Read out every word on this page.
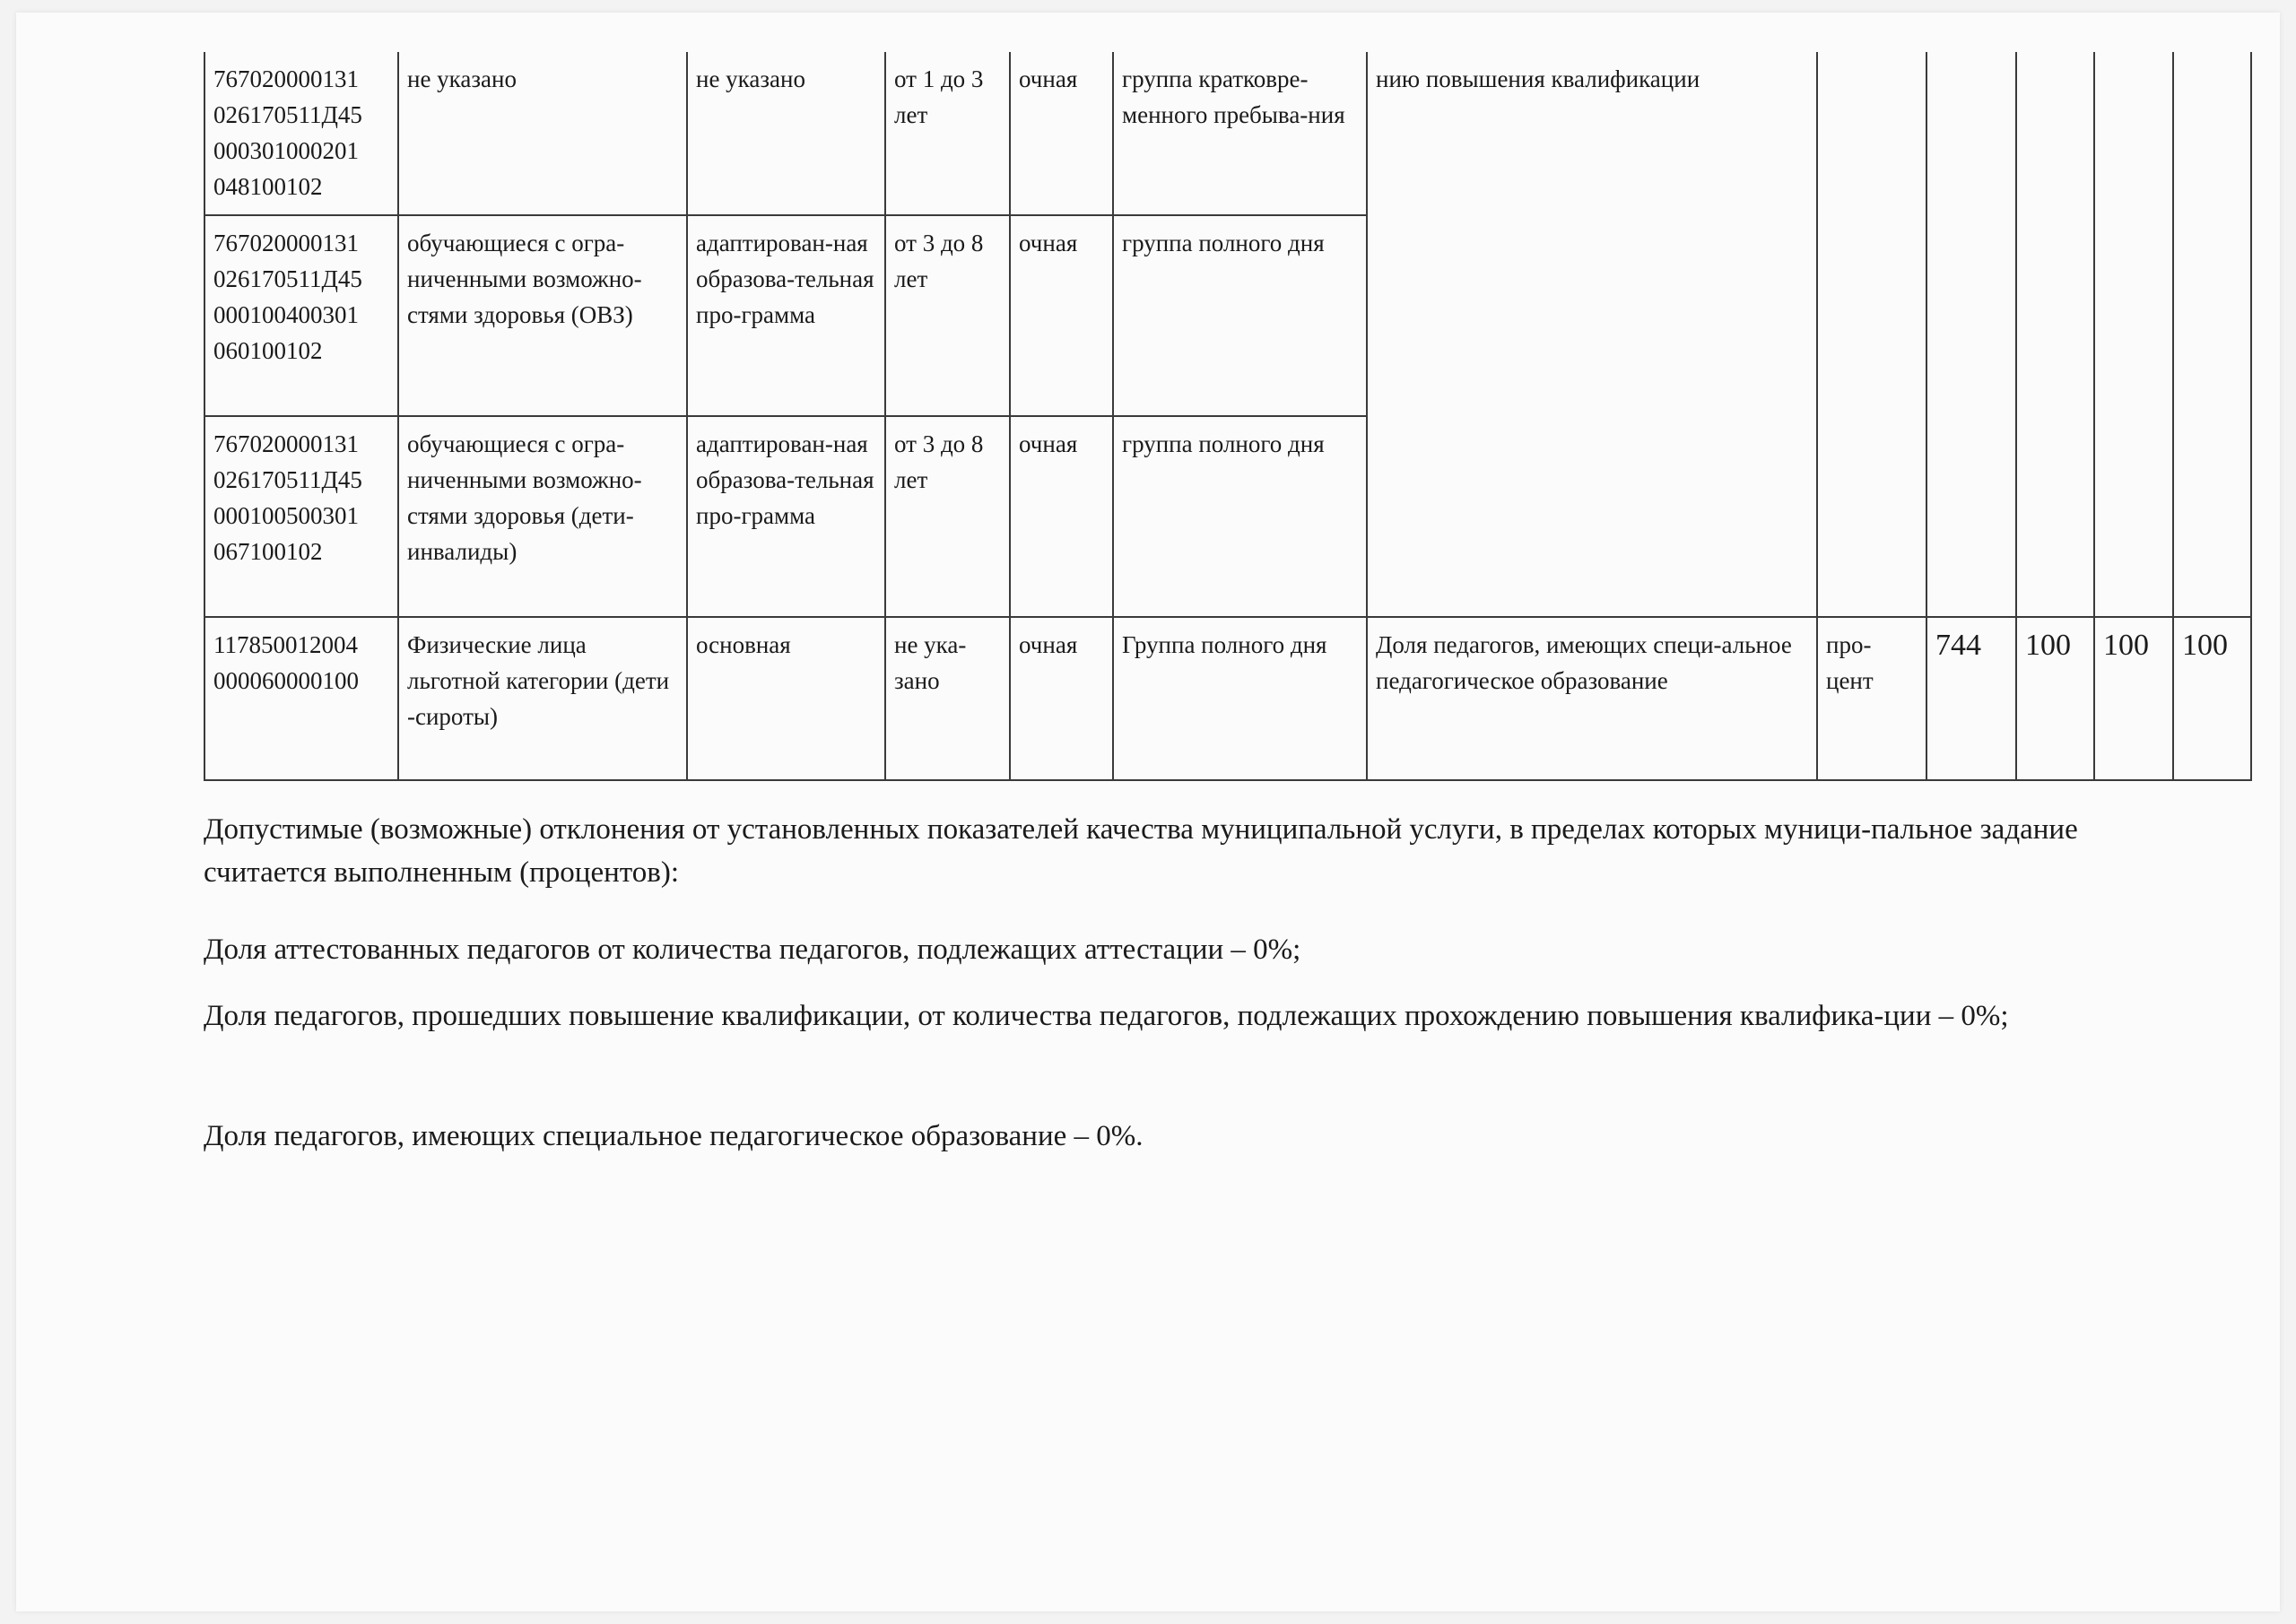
767020000131 026170511Д45 000301000201 048100102	не указано	не указано	от 1 до 3 лет	очная	группа кратковре-менного пребыва-ния	нию повышения квалификации					
767020000131 026170511Д45 000100400301 060100102	обучающиеся с огра-ниченными возможно-стями здоровья (ОВЗ)	адаптирован-ная образова-тельная про-грамма	от 3 до 8 лет	очная	группа полного дня						
767020000131 026170511Д45 000100500301 067100102	обучающиеся с огра-ниченными возможно-стями здоровья (дети-инвалиды)	адаптирован-ная образова-тельная про-грамма	от 3 до 8 лет	очная	группа полного дня						
117850012004 000060000100	Физические лица льготной категории (дети -сироты)	основная	не ука-зано	очная	Группа полного дня	Доля педагогов, имеющих специ-альное педагогическое образование	про-цент	744	100	100	100
Допустимые (возможные) отклонения от установленных показателей качества муниципальной услуги, в пределах которых муници-пальное задание считается выполненным (процентов):
Доля аттестованных педагогов от количества педагогов, подлежащих аттестации – 0%;
Доля педагогов, прошедших повышение квалификации, от количества педагогов, подлежащих прохождению повышения квалифика-ции – 0%;
Доля педагогов, имеющих специальное педагогическое образование – 0%.
